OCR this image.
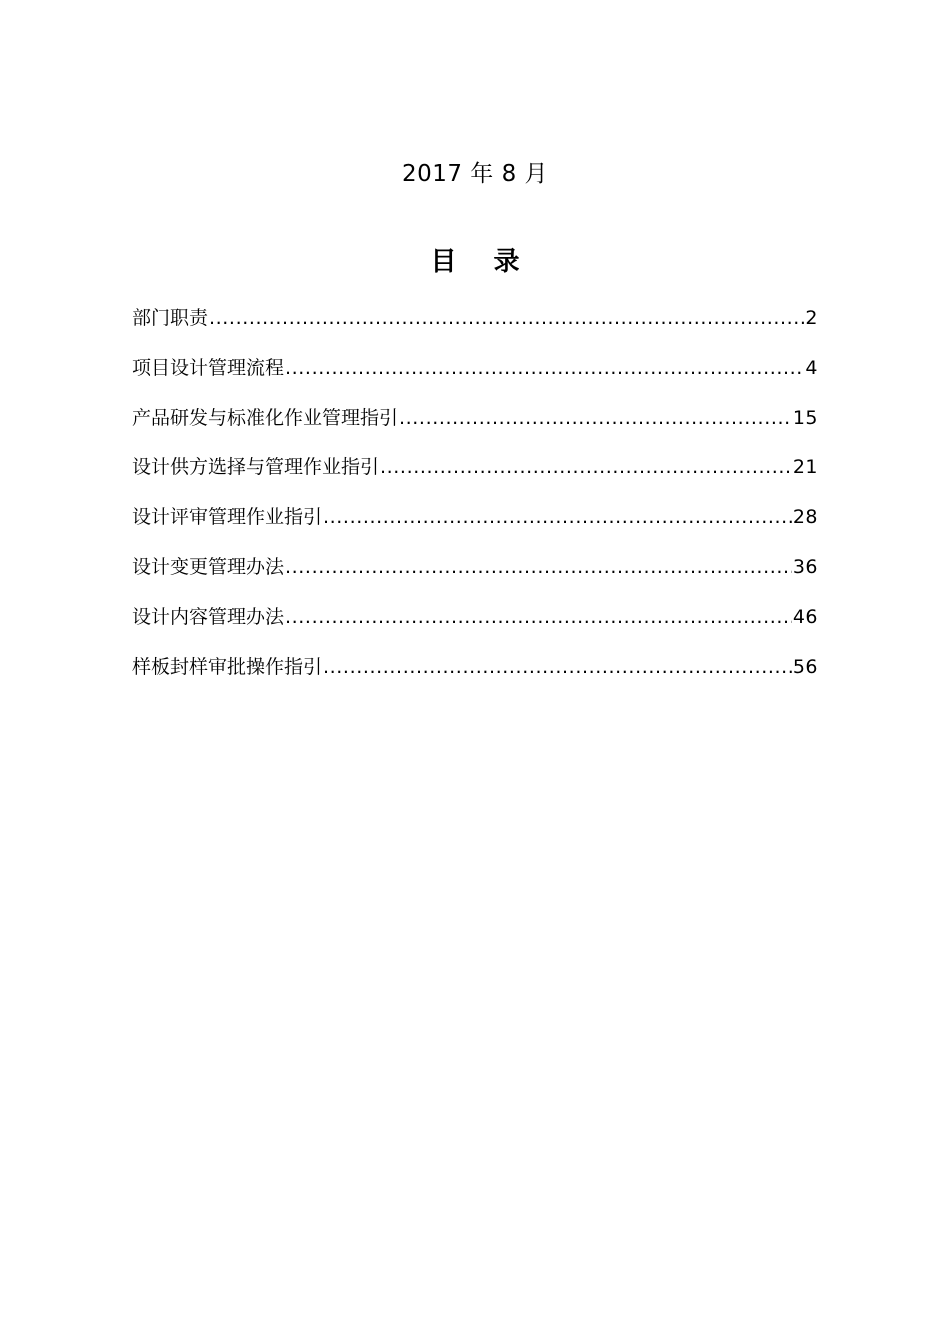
2017 年 8 月
目 录
部门职责 .....	2
项目设计管理流程 .....	4
产品研发与标准化作业管理指引 .....	15
设计供方选择与管理作业指引 .....	21
设计评审管理作业指引 .....	28
设计变更管理办法 .....	36
设计内容管理办法 .....	46
样板封样审批操作指引 .....	56
